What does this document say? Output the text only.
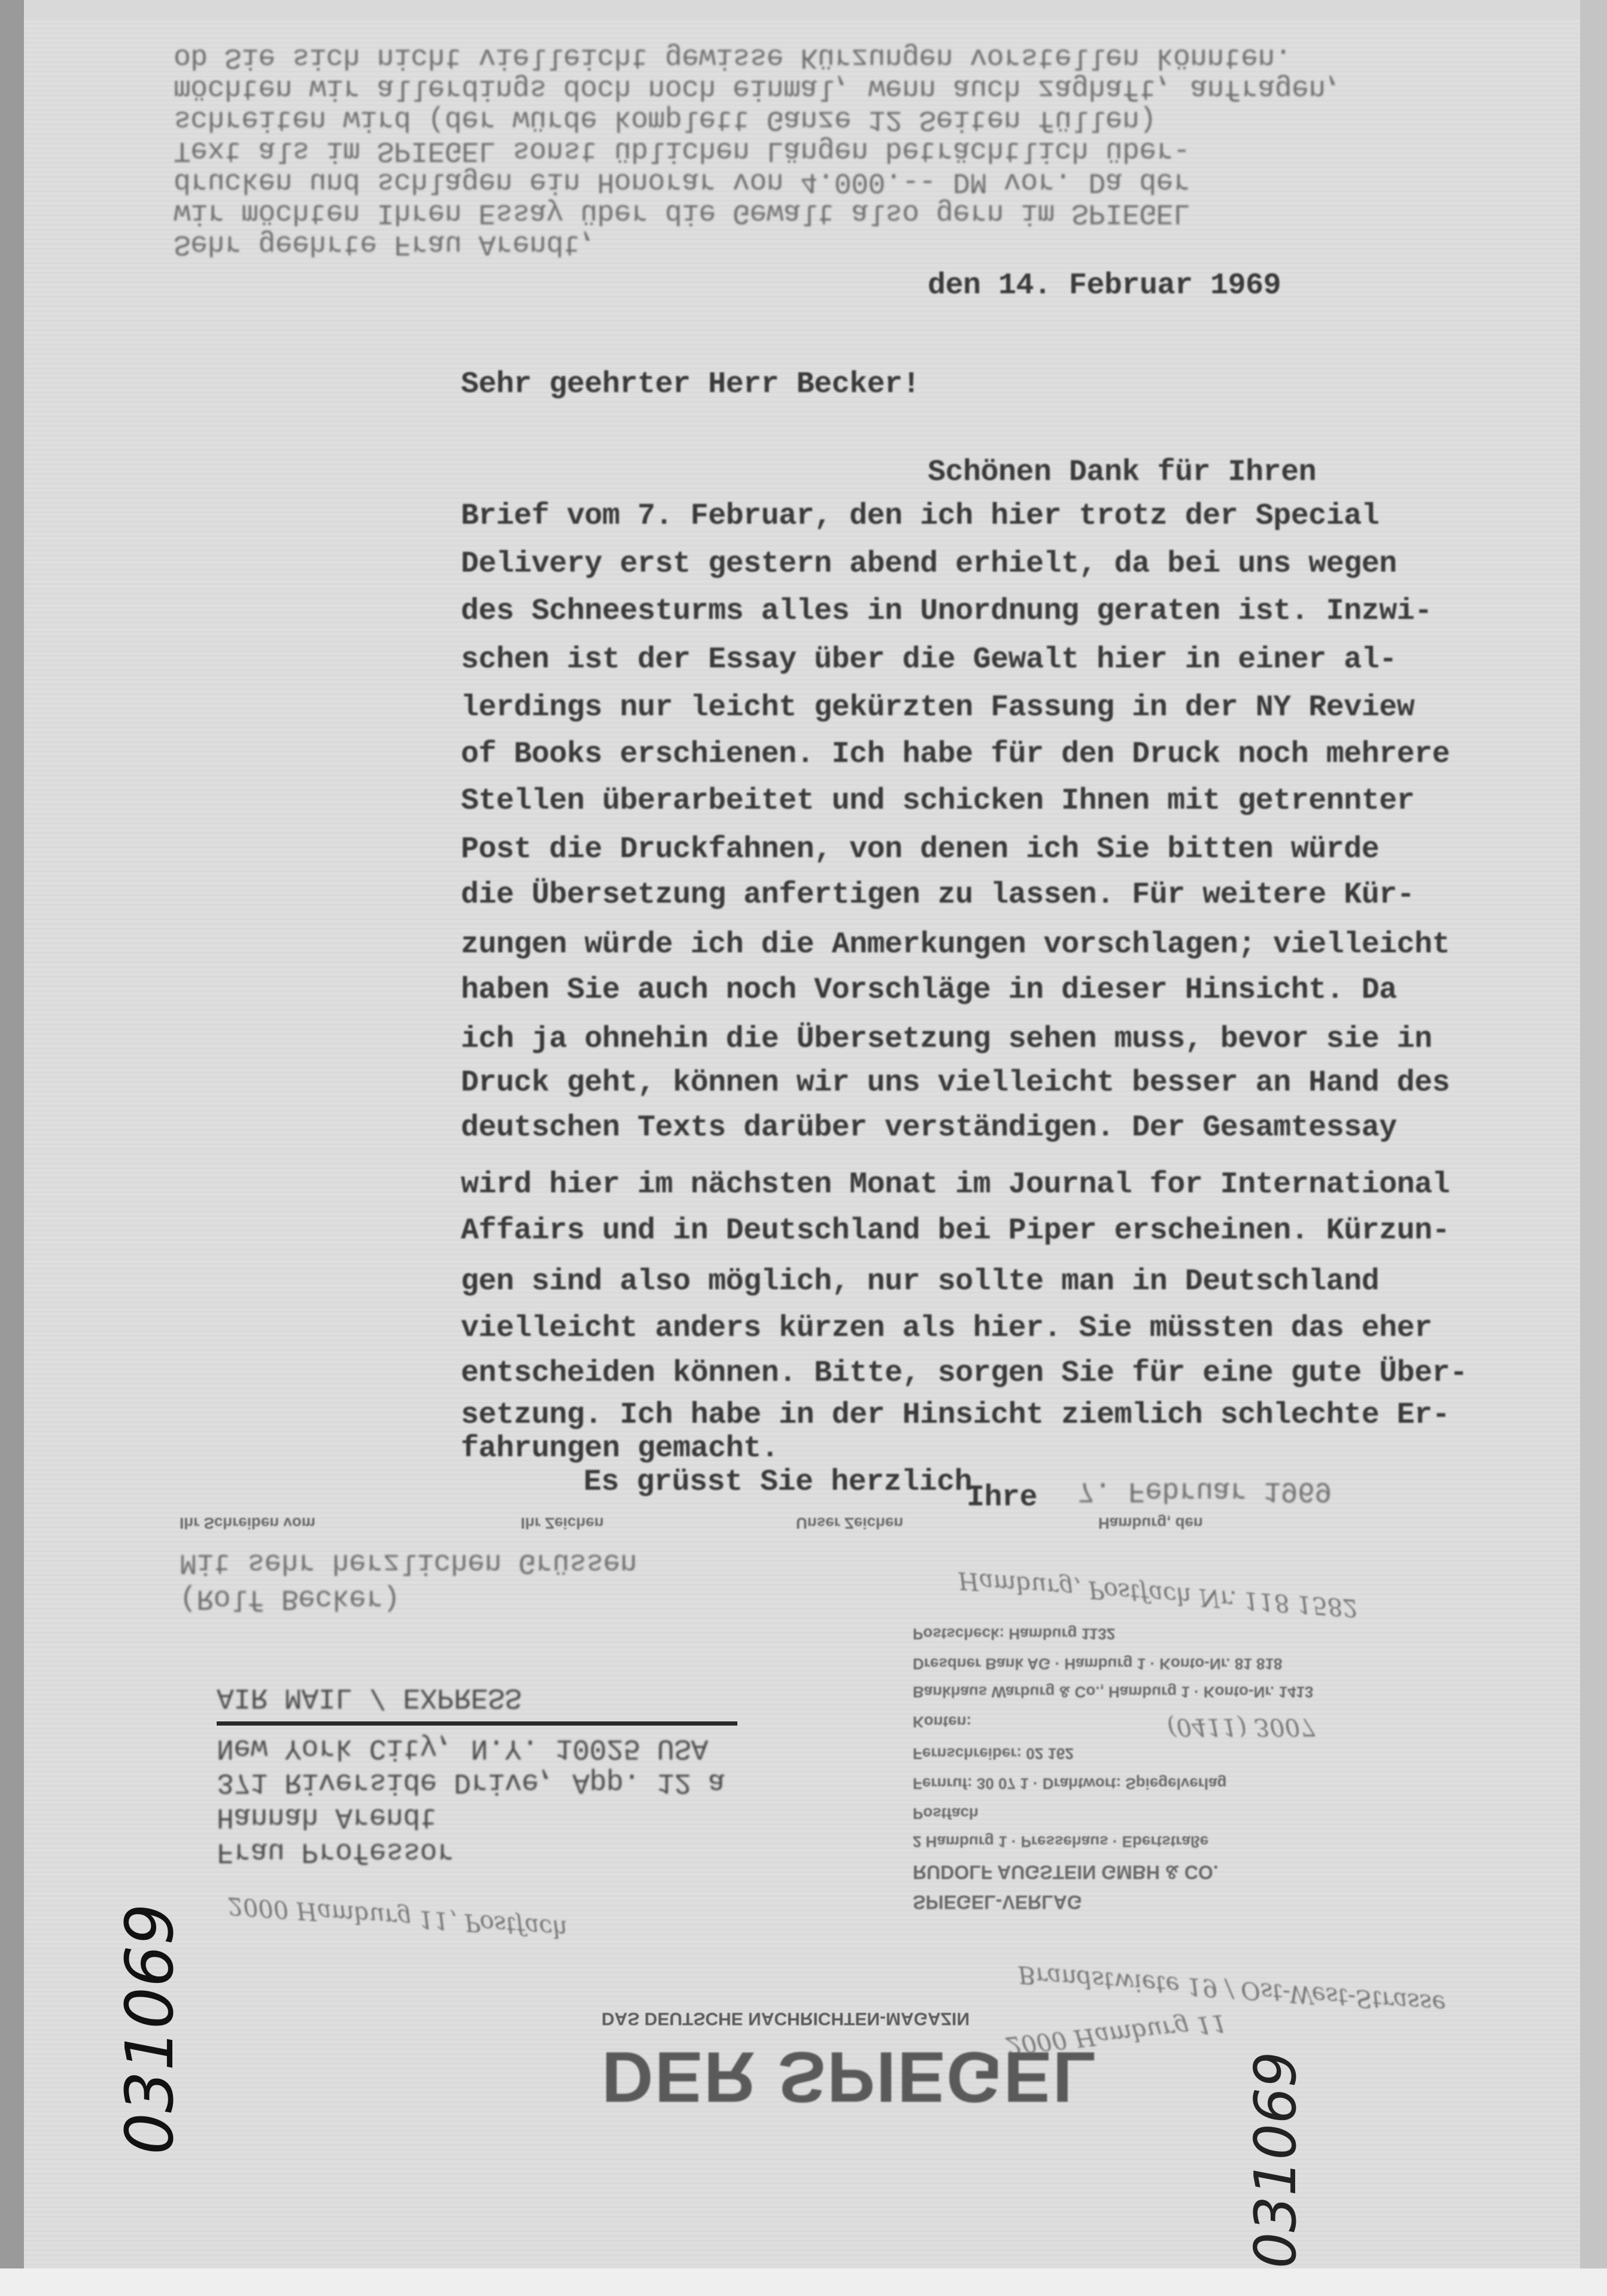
ob Sie sich nicht vielleicht gewisse Kürzungen vorstellen könnten.
möchten wir allerdings doch noch einmal, wenn auch zaghaft, anfragen,
schreiten wird (der würde komplett Ganze 12 Seiten füllen)
Text als im SPIEGEL sonst üblichen Längen beträchtlich über-
drucken und schlagen ein Honorar von 4.000.-- DM vor. Da der
wir möchten Ihren Essay über die Gewalt also gern im SPIEGEL
Sehr geehrte Frau Arendt,
Mit sehr herzlichen Grüssen
(Rolf Becker)
7. Februar 1969
Ihr Schreiben vom	Ihr Zeichen	Unser Zeichen	Hamburg, den
AIR MAIL / EXPRESS
New York City, N.Y. 10025 USA
371 Riverside Drive, App. 12 a
Hannah Arendt
Frau Professor
Postscheck: Hamburg 1132
Dresdner Bank AG · Hamburg 1 · Konto-Nr. 81 818
Bankhaus Warburg & Co., Hamburg 1 · Konto-Nr. 1413
Konten:
Fernschreiber: 02 162
Fernruf: 30 07 1 · Drahtwort: Spiegelverlag
Postfach
2 Hamburg 1 · Pressehaus · Ebertstraße
RUDOLF AUGSTEIN GMBH & CO.
SPIEGEL-VERLAG
Hamburg, Postfach Nr. 118 1582
(0411) 3007
Brandstwiete 19 / Ost-West-Strasse
2000 Hamburg 11
2000 Hamburg 11, Postfach
DAS DEUTSCHE NACHRICHTEN-MAGAZIN
DER SPIEGEL
den 14. Februar 1969
Sehr geehrter Herr Becker!
Schönen Dank für Ihren
Brief vom 7. Februar, den ich hier trotz der Special
Delivery erst gestern abend erhielt, da bei uns wegen
des Schneesturms alles in Unordnung geraten ist. Inzwi-
schen ist der Essay über die Gewalt hier in einer al-
lerdings nur leicht gekürzten Fassung in der NY Review
of Books erschienen. Ich habe für den Druck noch mehrere
Stellen überarbeitet und schicken Ihnen mit getrennter
Post die Druckfahnen, von denen ich Sie bitten würde
die Übersetzung anfertigen zu lassen. Für weitere Kür-
zungen würde ich die Anmerkungen vorschlagen; vielleicht
haben Sie auch noch Vorschläge in dieser Hinsicht. Da
ich ja ohnehin die Übersetzung sehen muss, bevor sie in
Druck geht, können wir uns vielleicht besser an Hand des
deutschen Texts darüber verständigen. Der Gesamtessay
wird hier im nächsten Monat im Journal for International
Affairs und in Deutschland bei Piper erscheinen. Kürzun-
gen sind also möglich, nur sollte man in Deutschland
vielleicht anders kürzen als hier. Sie müssten das eher
entscheiden können. Bitte, sorgen Sie für eine gute Über-
setzung. Ich habe in der Hinsicht ziemlich schlechte Er-
fahrungen gemacht.
Es grüsst Sie herzlich
Ihre
031069
031069
